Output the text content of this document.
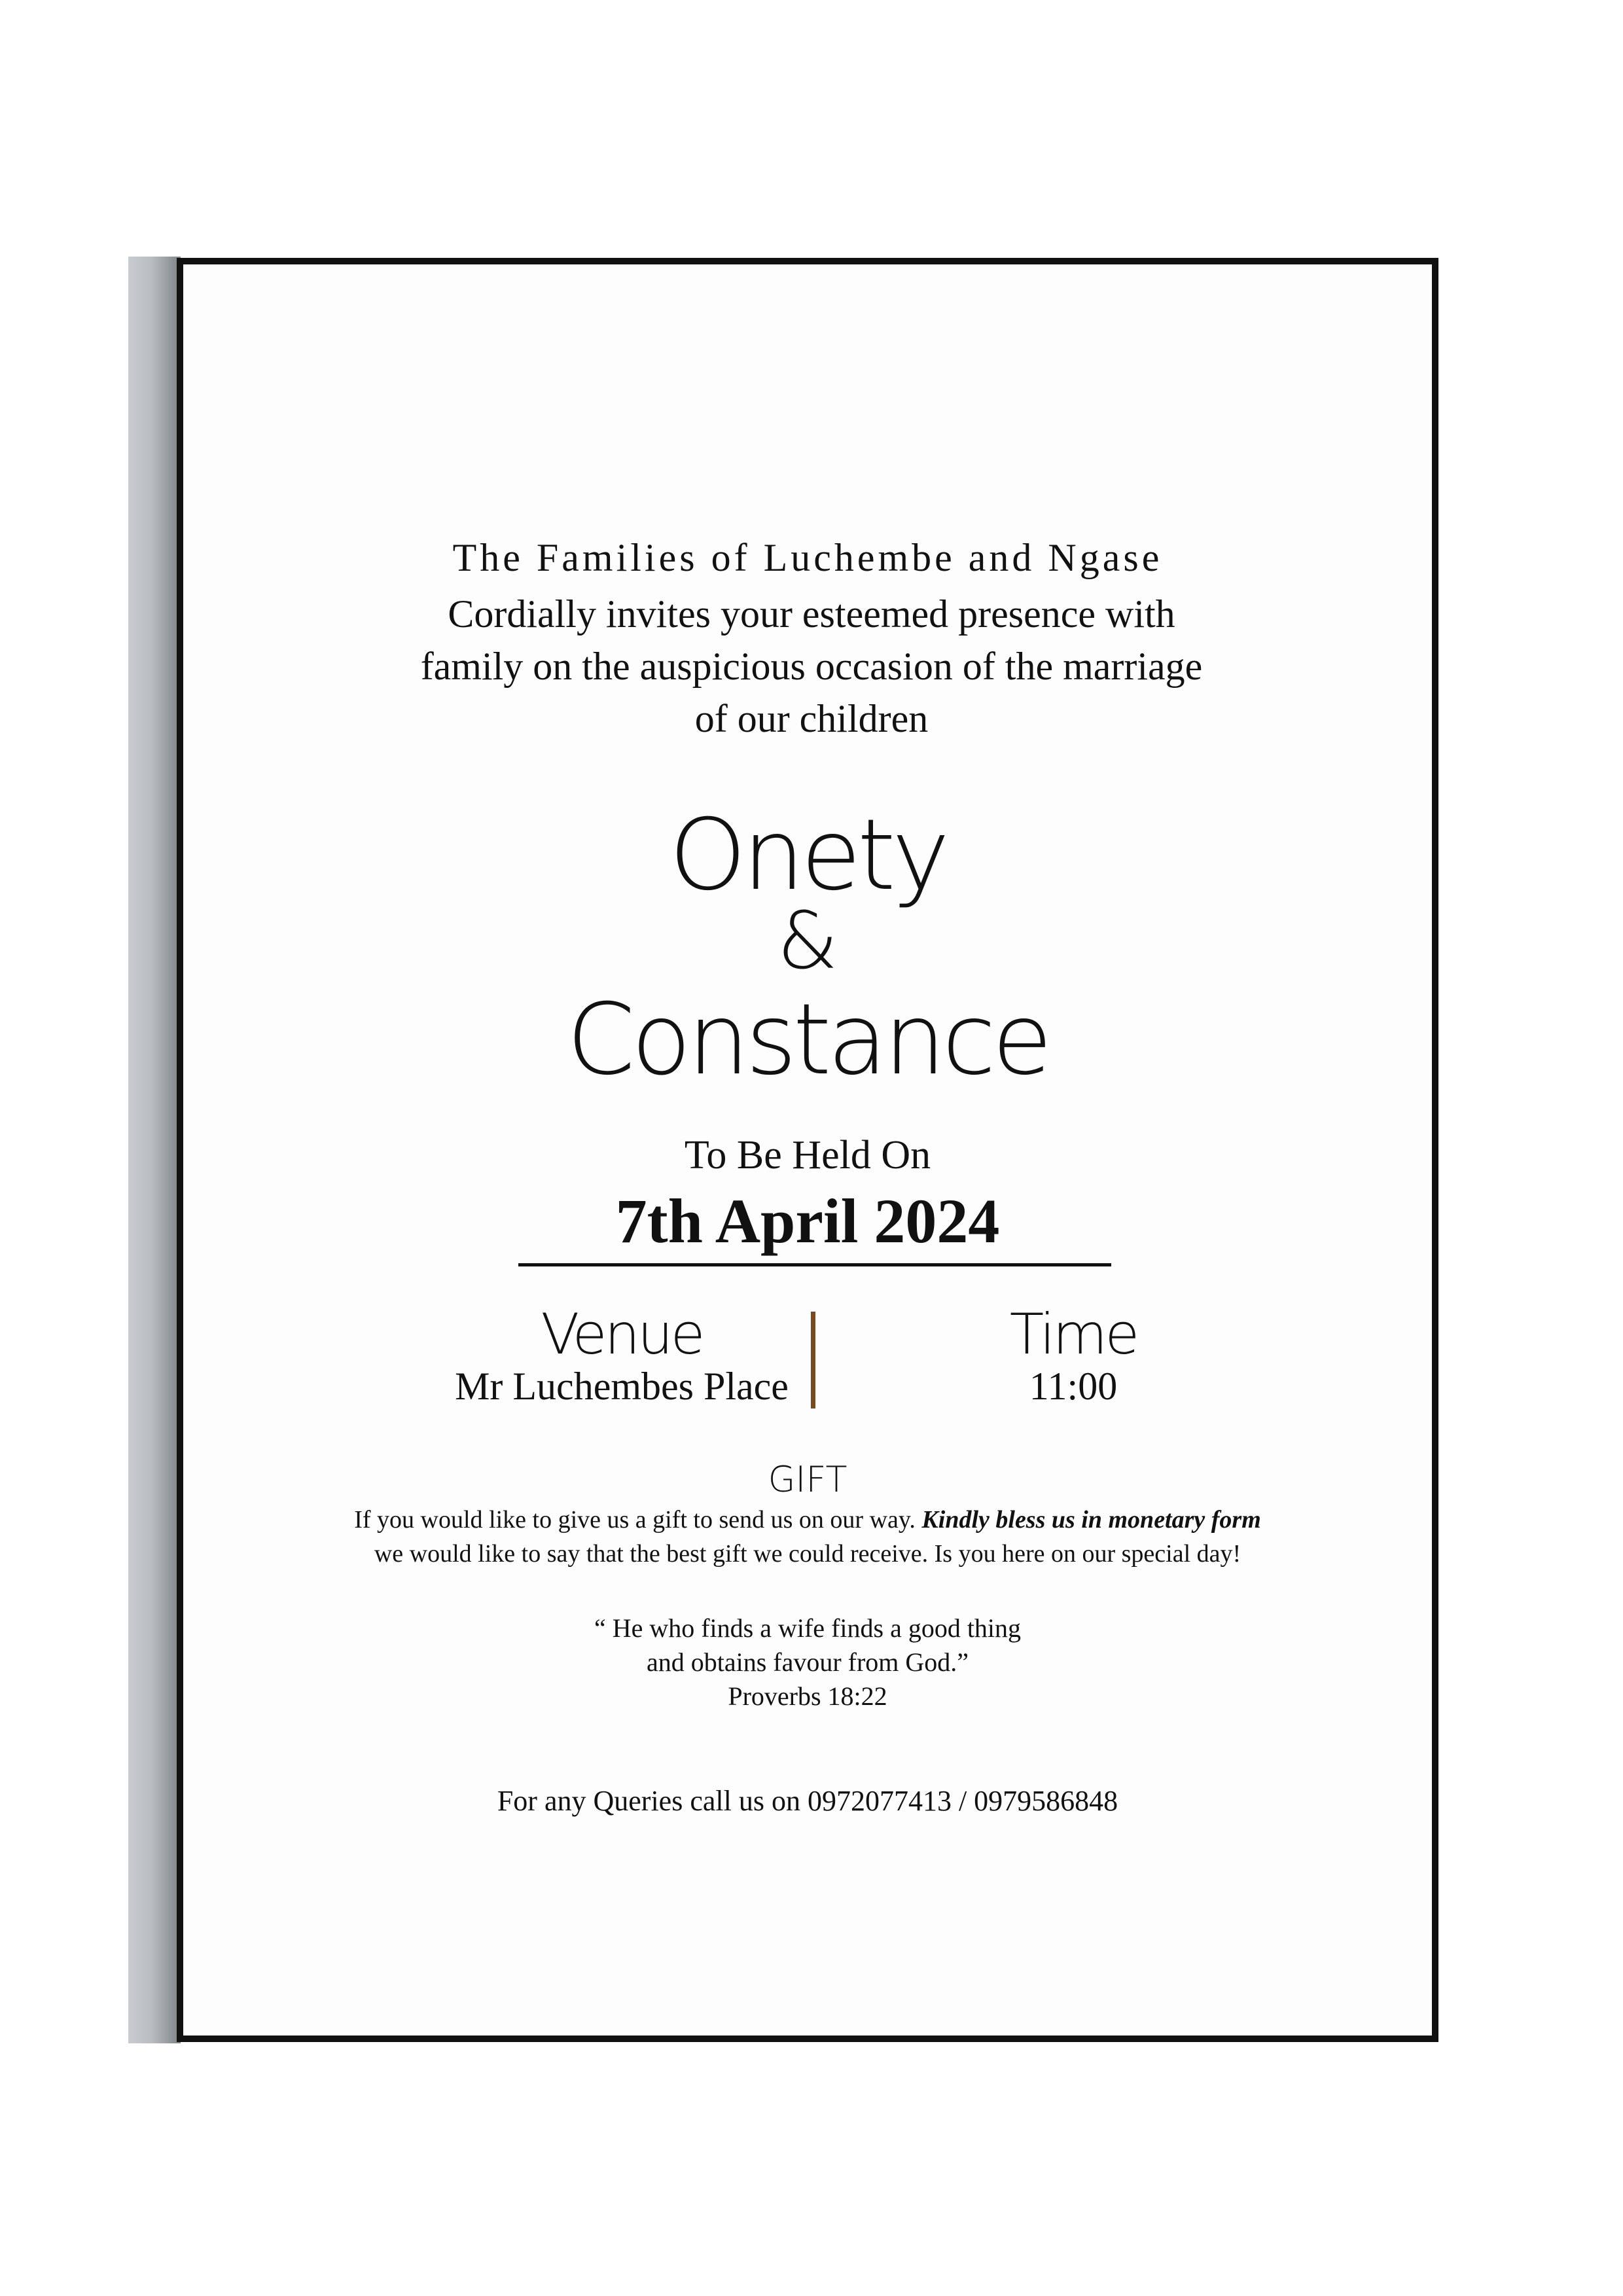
The Families of Luchembe and Ngase
Cordially invites your esteemed presence with
family on the auspicious occasion of the marriage
of our children
Onety
&
Constance
To Be Held On
7th April 2024
Venue
Mr Luchembes Place
Time
11:00
GIFT
If you would like to give us a gift to send us on our way. Kindly bless us in monetary form
we would like to say that the best gift we could receive. Is you here on our special day!
“ He who finds a wife finds a good thing
and obtains favour from God.”
Proverbs 18:22
For any Queries call us on 0972077413 / 0979586848
